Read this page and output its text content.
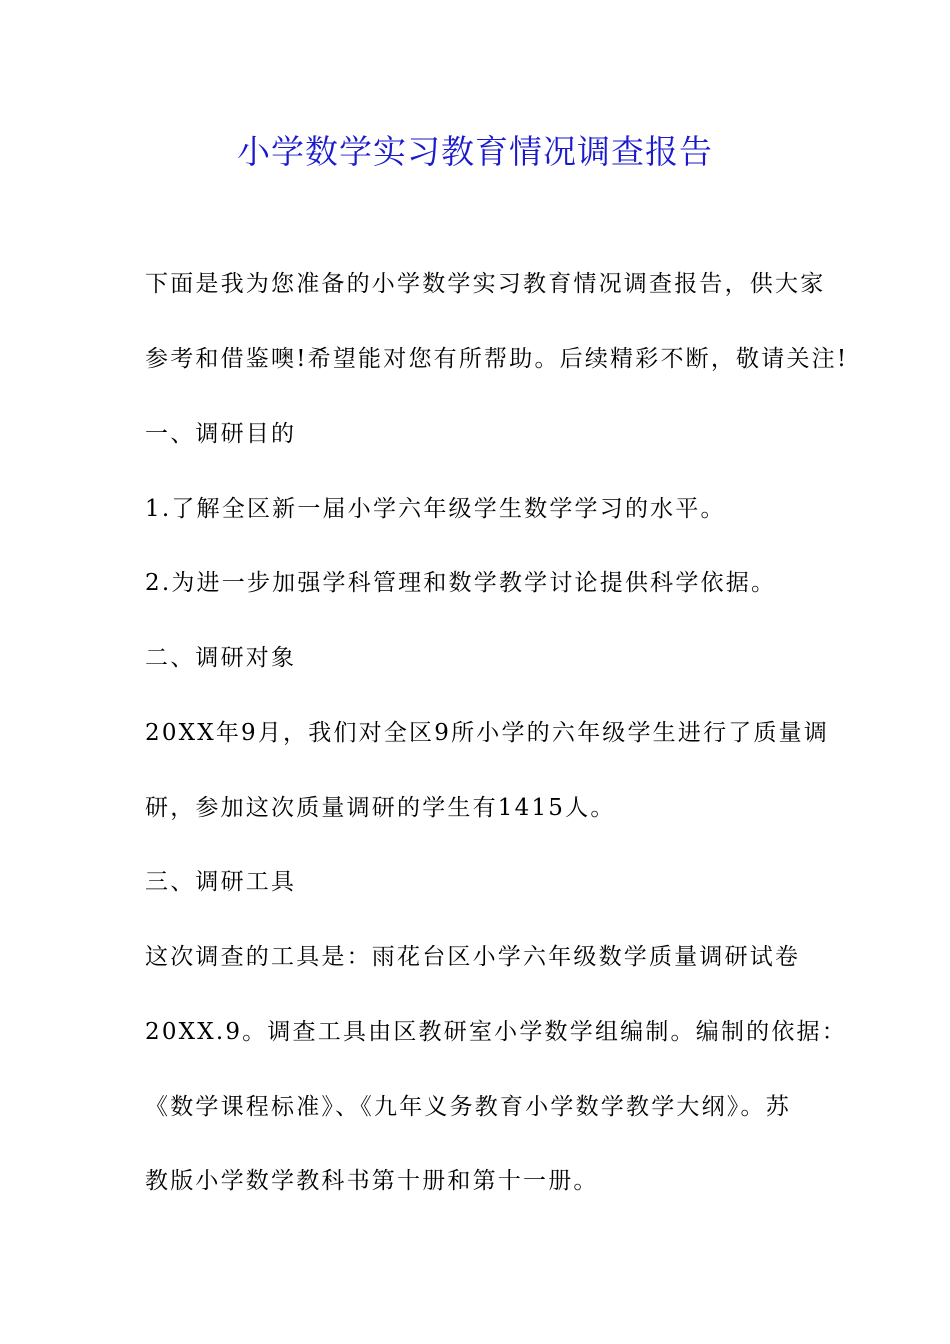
小学数学实习教育情况调查报告
下面是我为您准备的小学数学实习教育情况调查报告，供大家
参考和借鉴噢!希望能对您有所帮助。后续精彩不断，敬请关注!
一、调研目的
1.了解全区新一届小学六年级学生数学学习的水平。
2.为进一步加强学科管理和数学教学讨论提供科学依据。
二、调研对象
20XX年9月，我们对全区9所小学的六年级学生进行了质量调
研，参加这次质量调研的学生有1415人。
三、调研工具
这次调查的工具是：雨花台区小学六年级数学质量调研试卷
20XX.9。调查工具由区教研室小学数学组编制。编制的依据：
《数学课程标准》、《九年义务教育小学数学教学大纲》。苏
教版小学数学教科书第十册和第十一册。
